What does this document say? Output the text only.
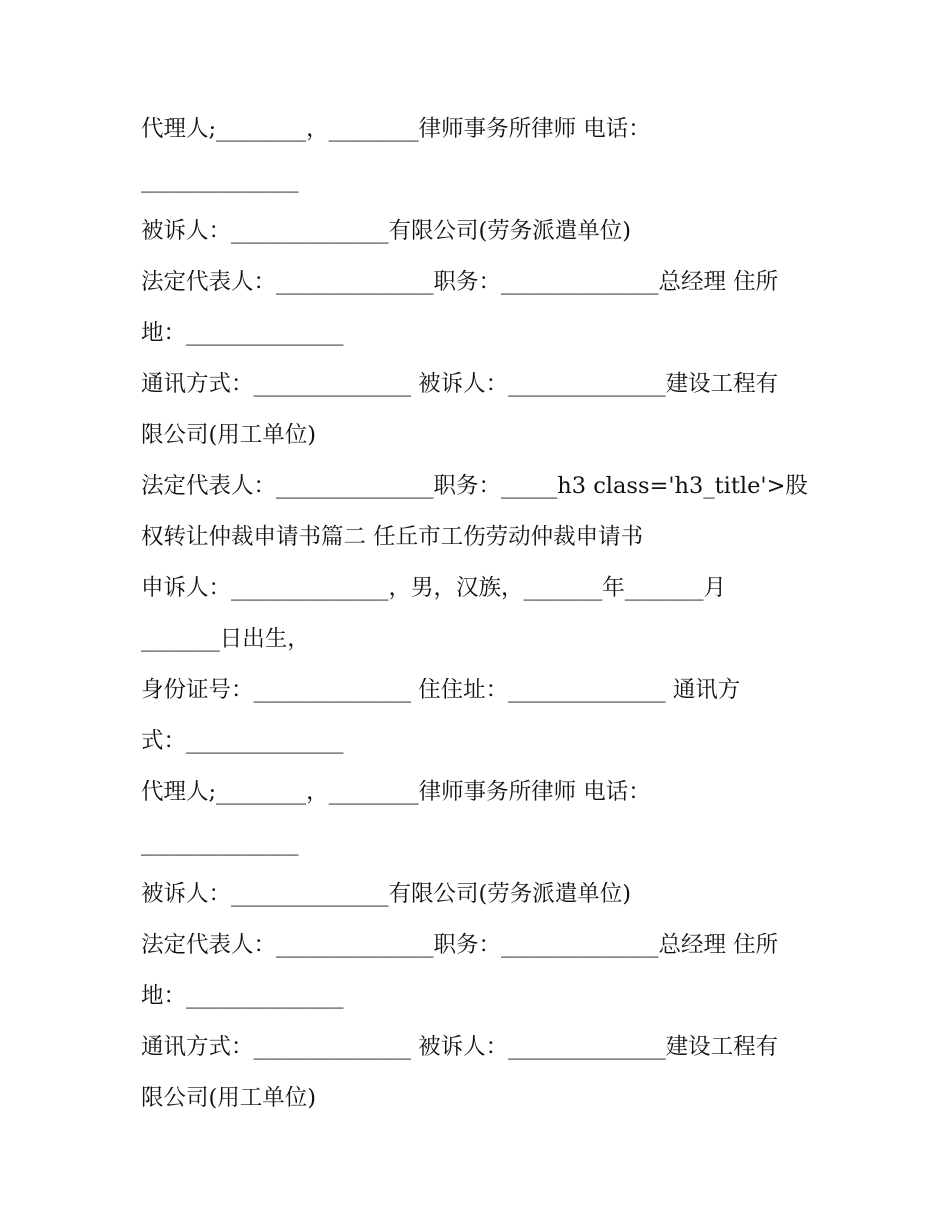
代理人;________，________律师事务所律师 电话：
______________
被诉人：______________有限公司(劳务派遣单位)
法定代表人：______________职务：______________总经理 住所
地：______________
通讯方式：______________ 被诉人：______________建设工程有
限公司(用工单位)
法定代表人：______________职务：_____h3 class='h3_title'>股
权转让仲裁申请书篇二 任丘市工伤劳动仲裁申请书
申诉人：______________，男，汉族，_______年_______月
_______日出生，
身份证号：______________ 住住址：______________ 通讯方
式：______________
代理人;________，________律师事务所律师 电话：
______________
被诉人：______________有限公司(劳务派遣单位)
法定代表人：______________职务：______________总经理 住所
地：______________
通讯方式：______________ 被诉人：______________建设工程有
限公司(用工单位)
